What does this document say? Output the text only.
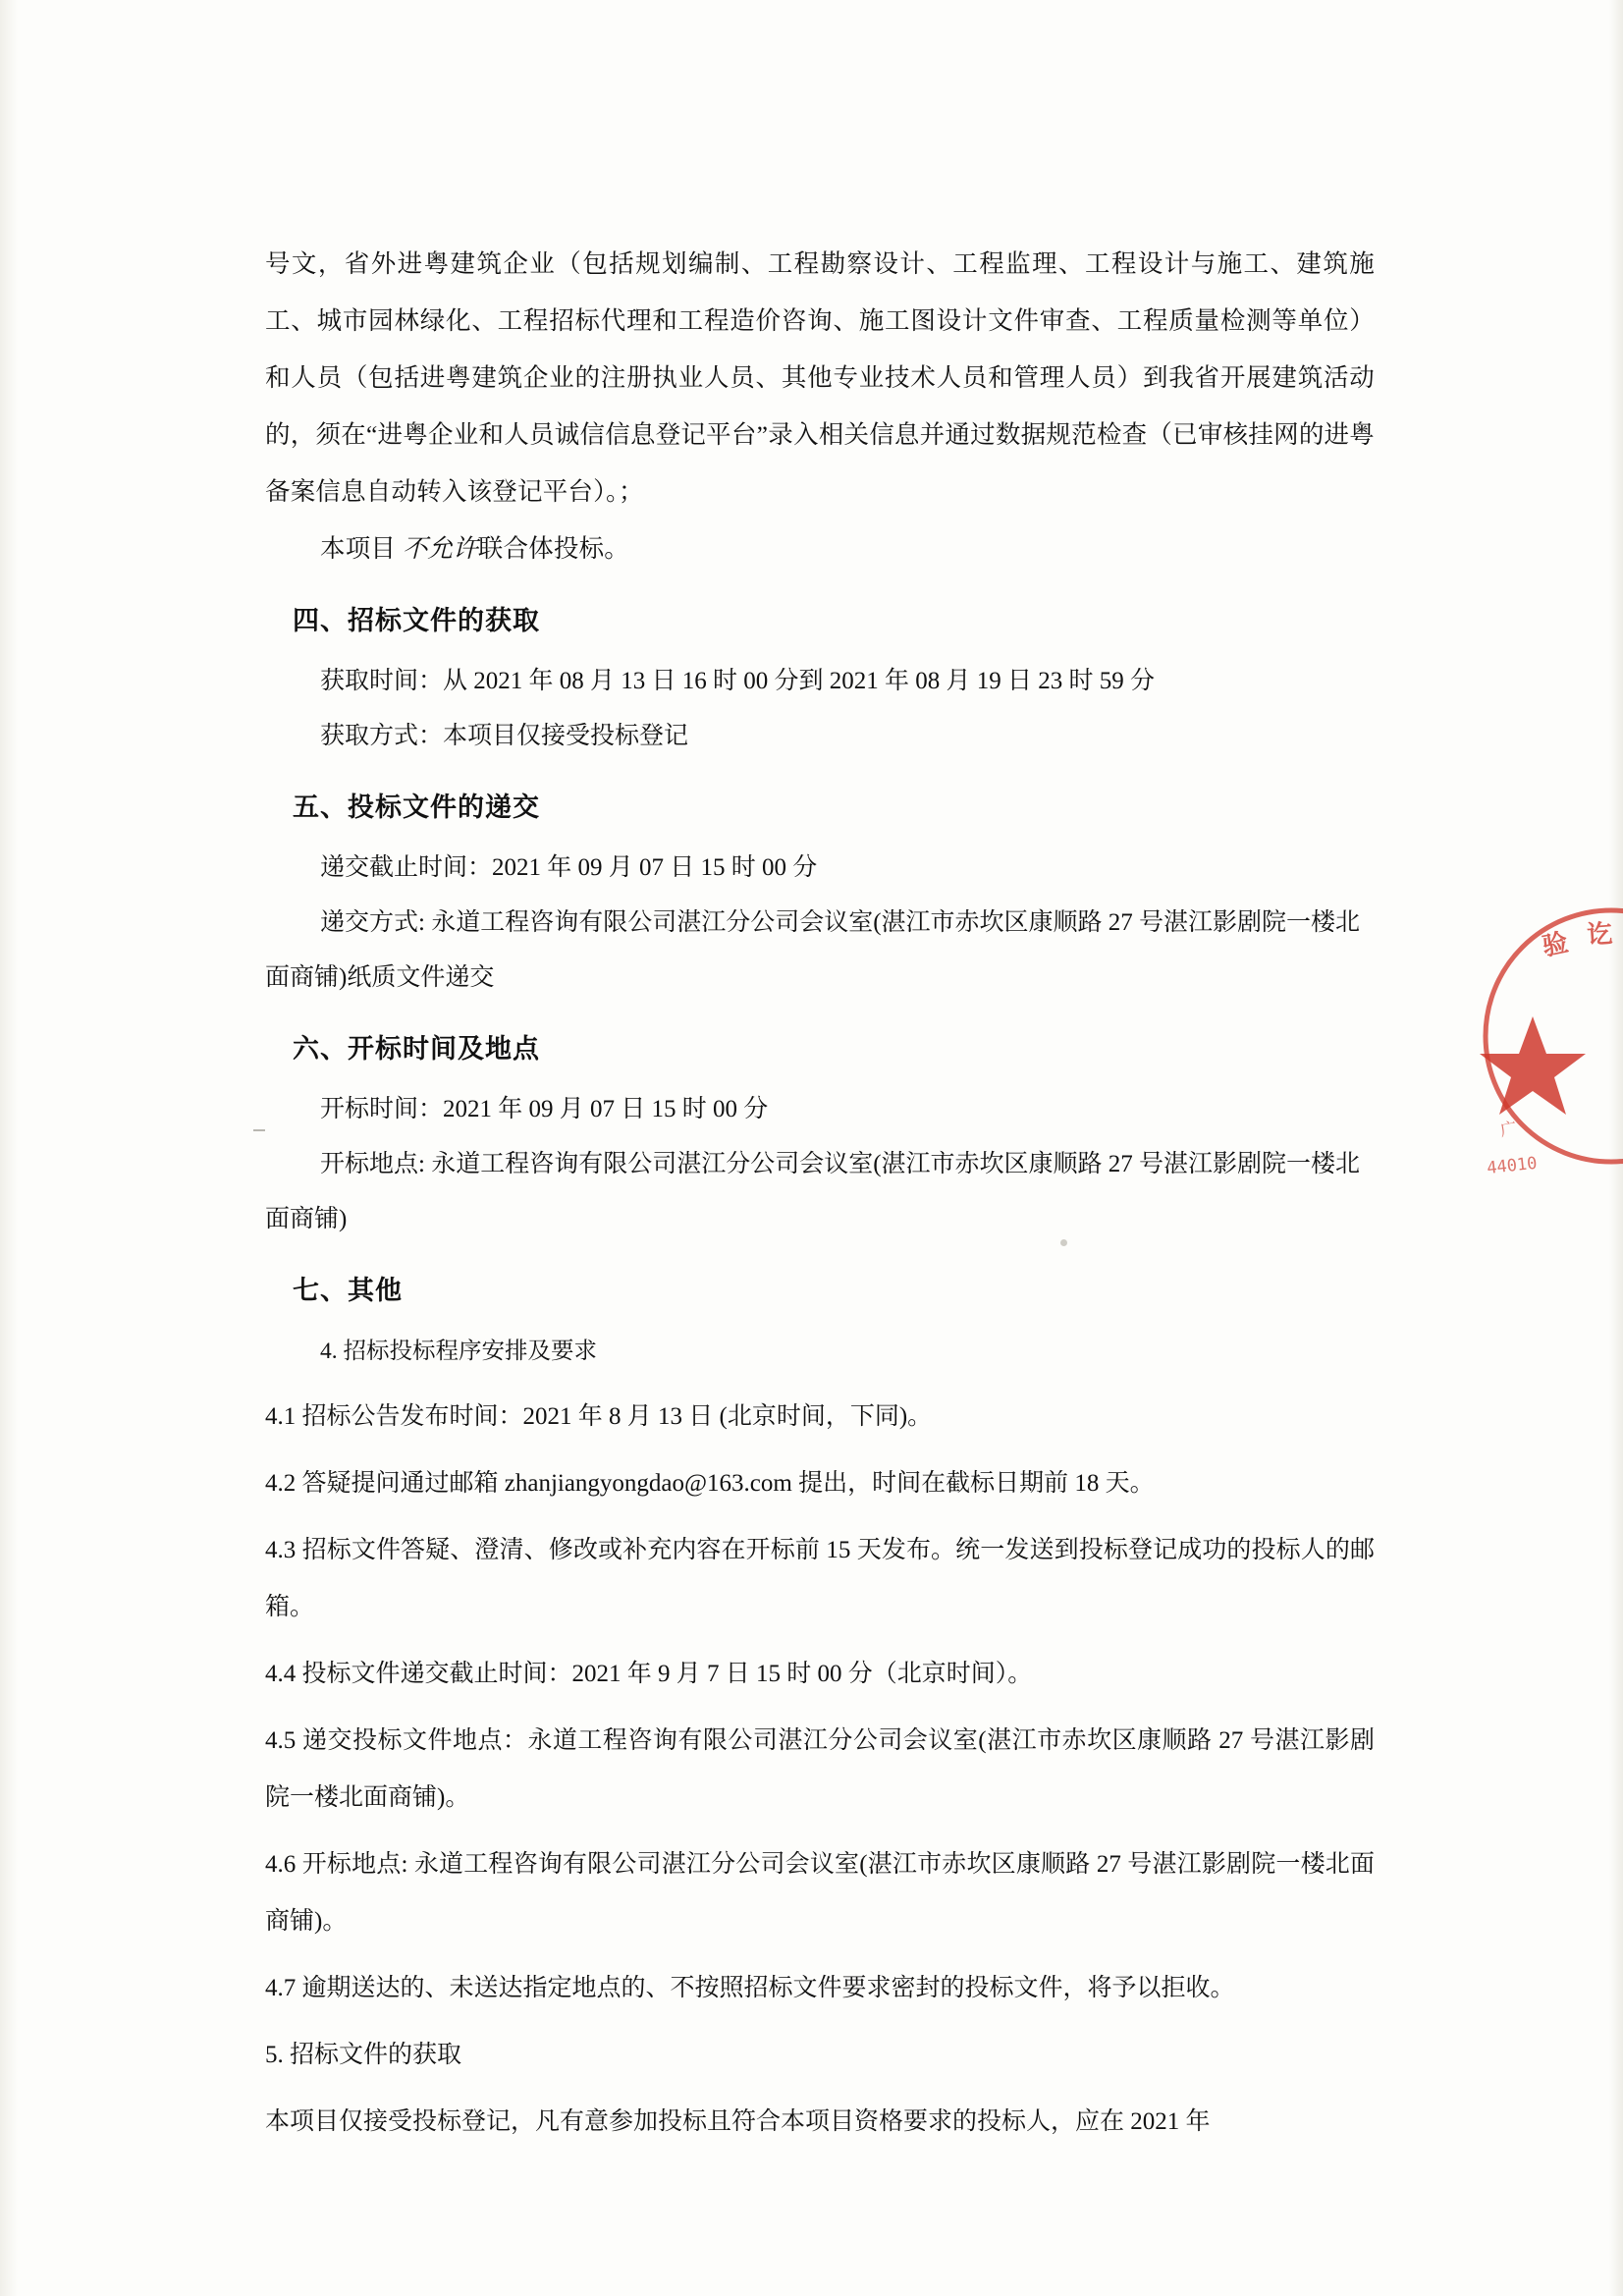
号文，省外进粤建筑企业（包括规划编制、工程勘察设计、工程监理、工程设计与施工、建筑施工、城市园林绿化、工程招标代理和工程造价咨询、施工图设计文件审查、工程质量检测等单位）和人员（包括进粤建筑企业的注册执业人员、其他专业技术人员和管理人员）到我省开展建筑活动的，须在“进粤企业和人员诚信信息登记平台”录入相关信息并通过数据规范检查（已审核挂网的进粤备案信息自动转入该登记平台）。；

本项目 不允许联合体投标。

四、招标文件的获取

获取时间：从 2021 年 08 月 13 日 16 时 00 分到 2021 年 08 月 19 日 23 时 59 分

获取方式：本项目仅接受投标登记

五、投标文件的递交

递交截止时间：2021 年 09 月 07 日 15 时 00 分

递交方式: 永道工程咨询有限公司湛江分公司会议室(湛江市赤坎区康顺路 27 号湛江影剧院一楼北面商铺)纸质文件递交

六、开标时间及地点

开标时间：2021 年 09 月 07 日 15 时 00 分

开标地点: 永道工程咨询有限公司湛江分公司会议室(湛江市赤坎区康顺路 27 号湛江影剧院一楼北面商铺)

七、其他

4. 招标投标程序安排及要求

4.1 招标公告发布时间：2021 年 8 月 13 日 (北京时间，下同)。

4.2 答疑提问通过邮箱 zhanjiangyongdao@163.com 提出，时间在截标日期前 18 天。

4.3 招标文件答疑、澄清、修改或补充内容在开标前 15 天发布。统一发送到投标登记成功的投标人的邮箱。

4.4 投标文件递交截止时间：2021 年 9 月 7 日 15 时 00 分（北京时间）。

4.5 递交投标文件地点：永道工程咨询有限公司湛江分公司会议室(湛江市赤坎区康顺路 27 号湛江影剧院一楼北面商铺)。

4.6 开标地点: 永道工程咨询有限公司湛江分公司会议室(湛江市赤坎区康顺路 27 号湛江影剧院一楼北面商铺)。

4.7 逾期送达的、未送达指定地点的、不按照招标文件要求密封的投标文件，将予以拒收。

5. 招标文件的获取

本项目仅接受投标登记，凡有意参加投标且符合本项目资格要求的投标人，应在 2021 年

验 讫
44010
广
